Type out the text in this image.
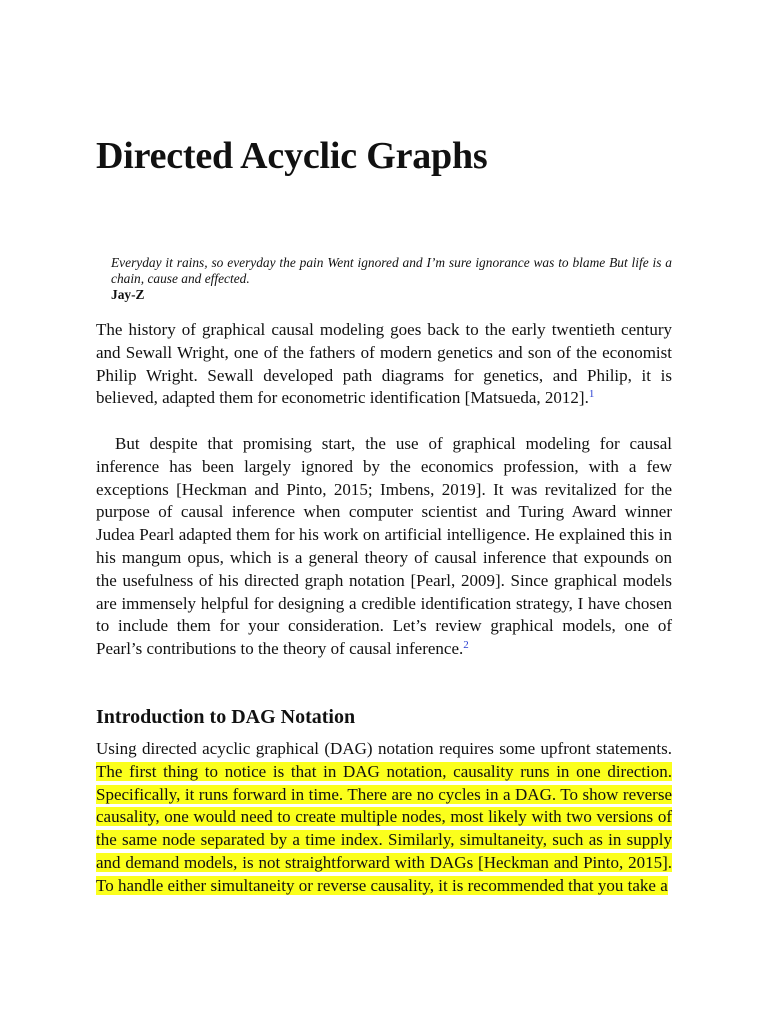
Directed Acyclic Graphs

Everyday it rains, so everyday the pain Went ignored and I’m sure ignorance was to blame But life is a chain, cause and effected.

Jay-Z

The history of graphical causal modeling goes back to the early twentieth century and Sewall Wright, one of the fathers of modern genetics and son of the economist Philip Wright. Sewall developed path diagrams for genetics, and Philip, it is believed, adapted them for econometric identification [Matsueda, 2012].$^1$

But despite that promising start, the use of graphical modeling for causal inference has been largely ignored by the economics profession, with a few exceptions [Heckman and Pinto, 2015; Imbens, 2019]. It was revitalized for the purpose of causal inference when computer scientist and Turing Award winner Judea Pearl adapted them for his work on artificial intelligence. He explained this in his mangum opus, which is a general theory of causal inference that expounds on the usefulness of his directed graph notation [Pearl, 2009]. Since graphical models are immensely helpful for designing a credible identification strategy, I have chosen to include them for your consideration. Let’s review graphical models, one of Pearl’s contributions to the theory of causal inference.$^2$

Introduction to DAG Notation

Using directed acyclic graphical (DAG) notation requires some upfront statements. The first thing to notice is that in DAG notation, causality runs in one direction. Specifically, it runs forward in time. There are no cycles in a DAG. To show reverse causality, one would need to create multiple nodes, most likely with two versions of the same node separated by a time index. Similarly, simultaneity, such as in supply and demand models, is not straightforward with DAGs [Heckman and Pinto, 2015]. To handle either simultaneity or reverse causality, it is recommended that you take a
